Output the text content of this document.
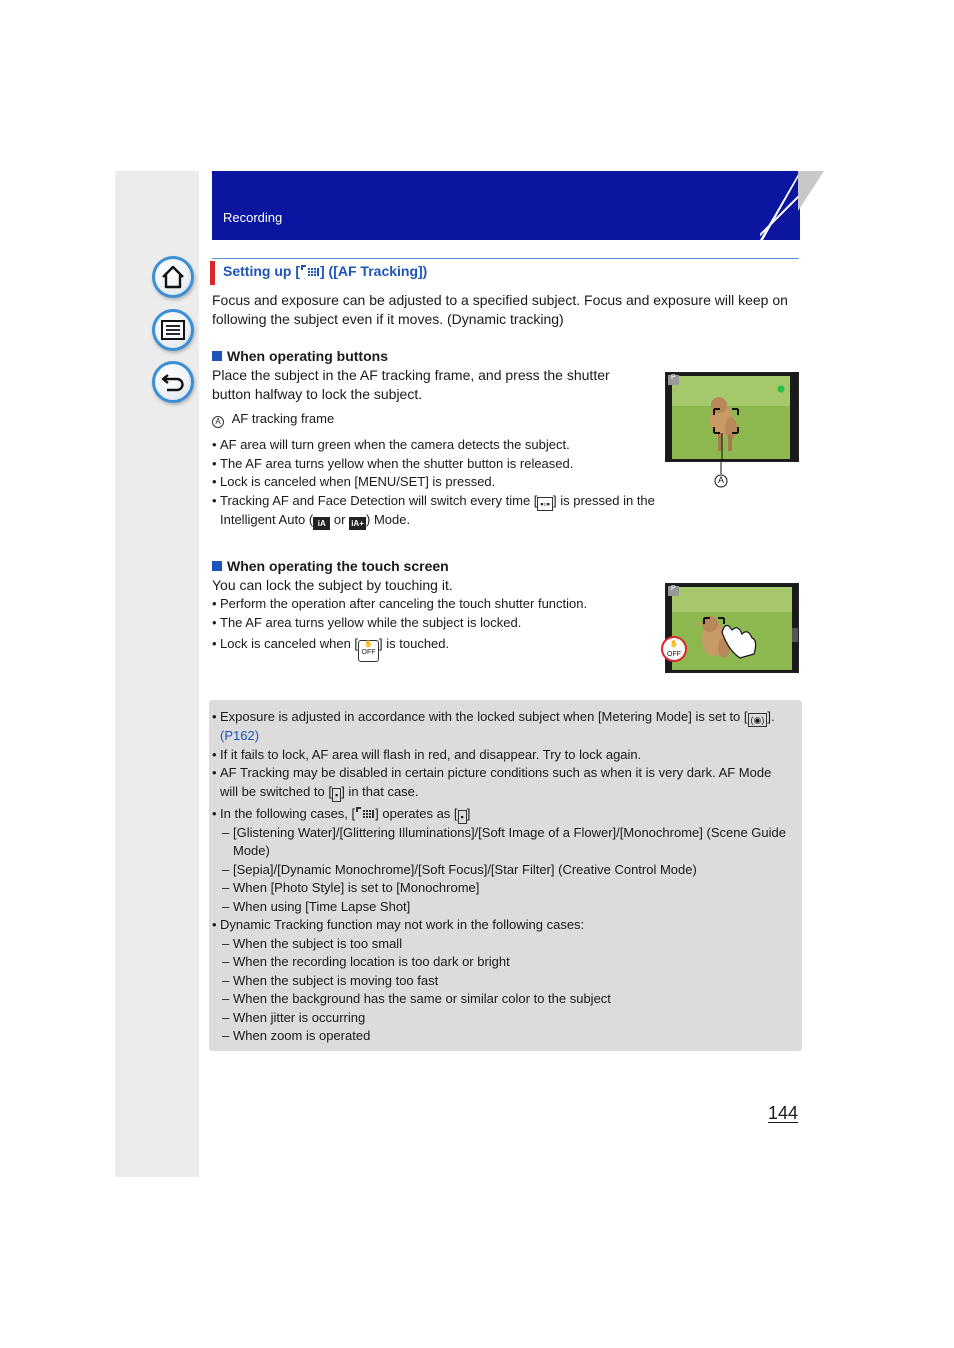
Recording
Setting up [ ] ([AF Tracking])
Focus and exposure can be adjusted to a specified subject. Focus and exposure will keep on following the subject even if it moves. (Dynamic tracking)
When operating buttons
Place the subject in the AF tracking frame, and press the shutter button halfway to lock the subject.
A AF tracking frame
• AF area will turn green when the camera detects the subject.
• The AF area turns yellow when the shutter button is released.
• Lock is canceled when [MENU/SET] is pressed.
• Tracking AF and Face Detection will switch every time [ ▪▫▪ ] is pressed in the Intelligent Auto ( iA or iA+ ) Mode.
P
A
When operating the touch screen
You can lock the subject by touching it.
• Perform the operation after canceling the touch shutter function.
• The AF area turns yellow while the subject is locked.
• Lock is canceled when [ ✋
OFF] is touched.
P
✋
OFF
• Exposure is adjusted in accordance with the locked subject when [Metering Mode] is set to [ (◉) ]. (P162)
• If it fails to lock, AF area will flash in red, and disappear. Try to lock again.
• AF Tracking may be disabled in certain picture conditions such as when it is very dark. AF Mode will be switched to [ ▪ ] in that case.
• In the following cases, [ ] operates as [ ▪ ]
– [Glistening Water]/[Glittering Illuminations]/[Soft Image of a Flower]/[Monochrome] (Scene Guide Mode)
– [Sepia]/[Dynamic Monochrome]/[Soft Focus]/[Star Filter] (Creative Control Mode)
– When [Photo Style] is set to [Monochrome]
– When using [Time Lapse Shot]
• Dynamic Tracking function may not work in the following cases:
– When the subject is too small
– When the recording location is too dark or bright
– When the subject is moving too fast
– When the background has the same or similar color to the subject
– When jitter is occurring
– When zoom is operated
144
